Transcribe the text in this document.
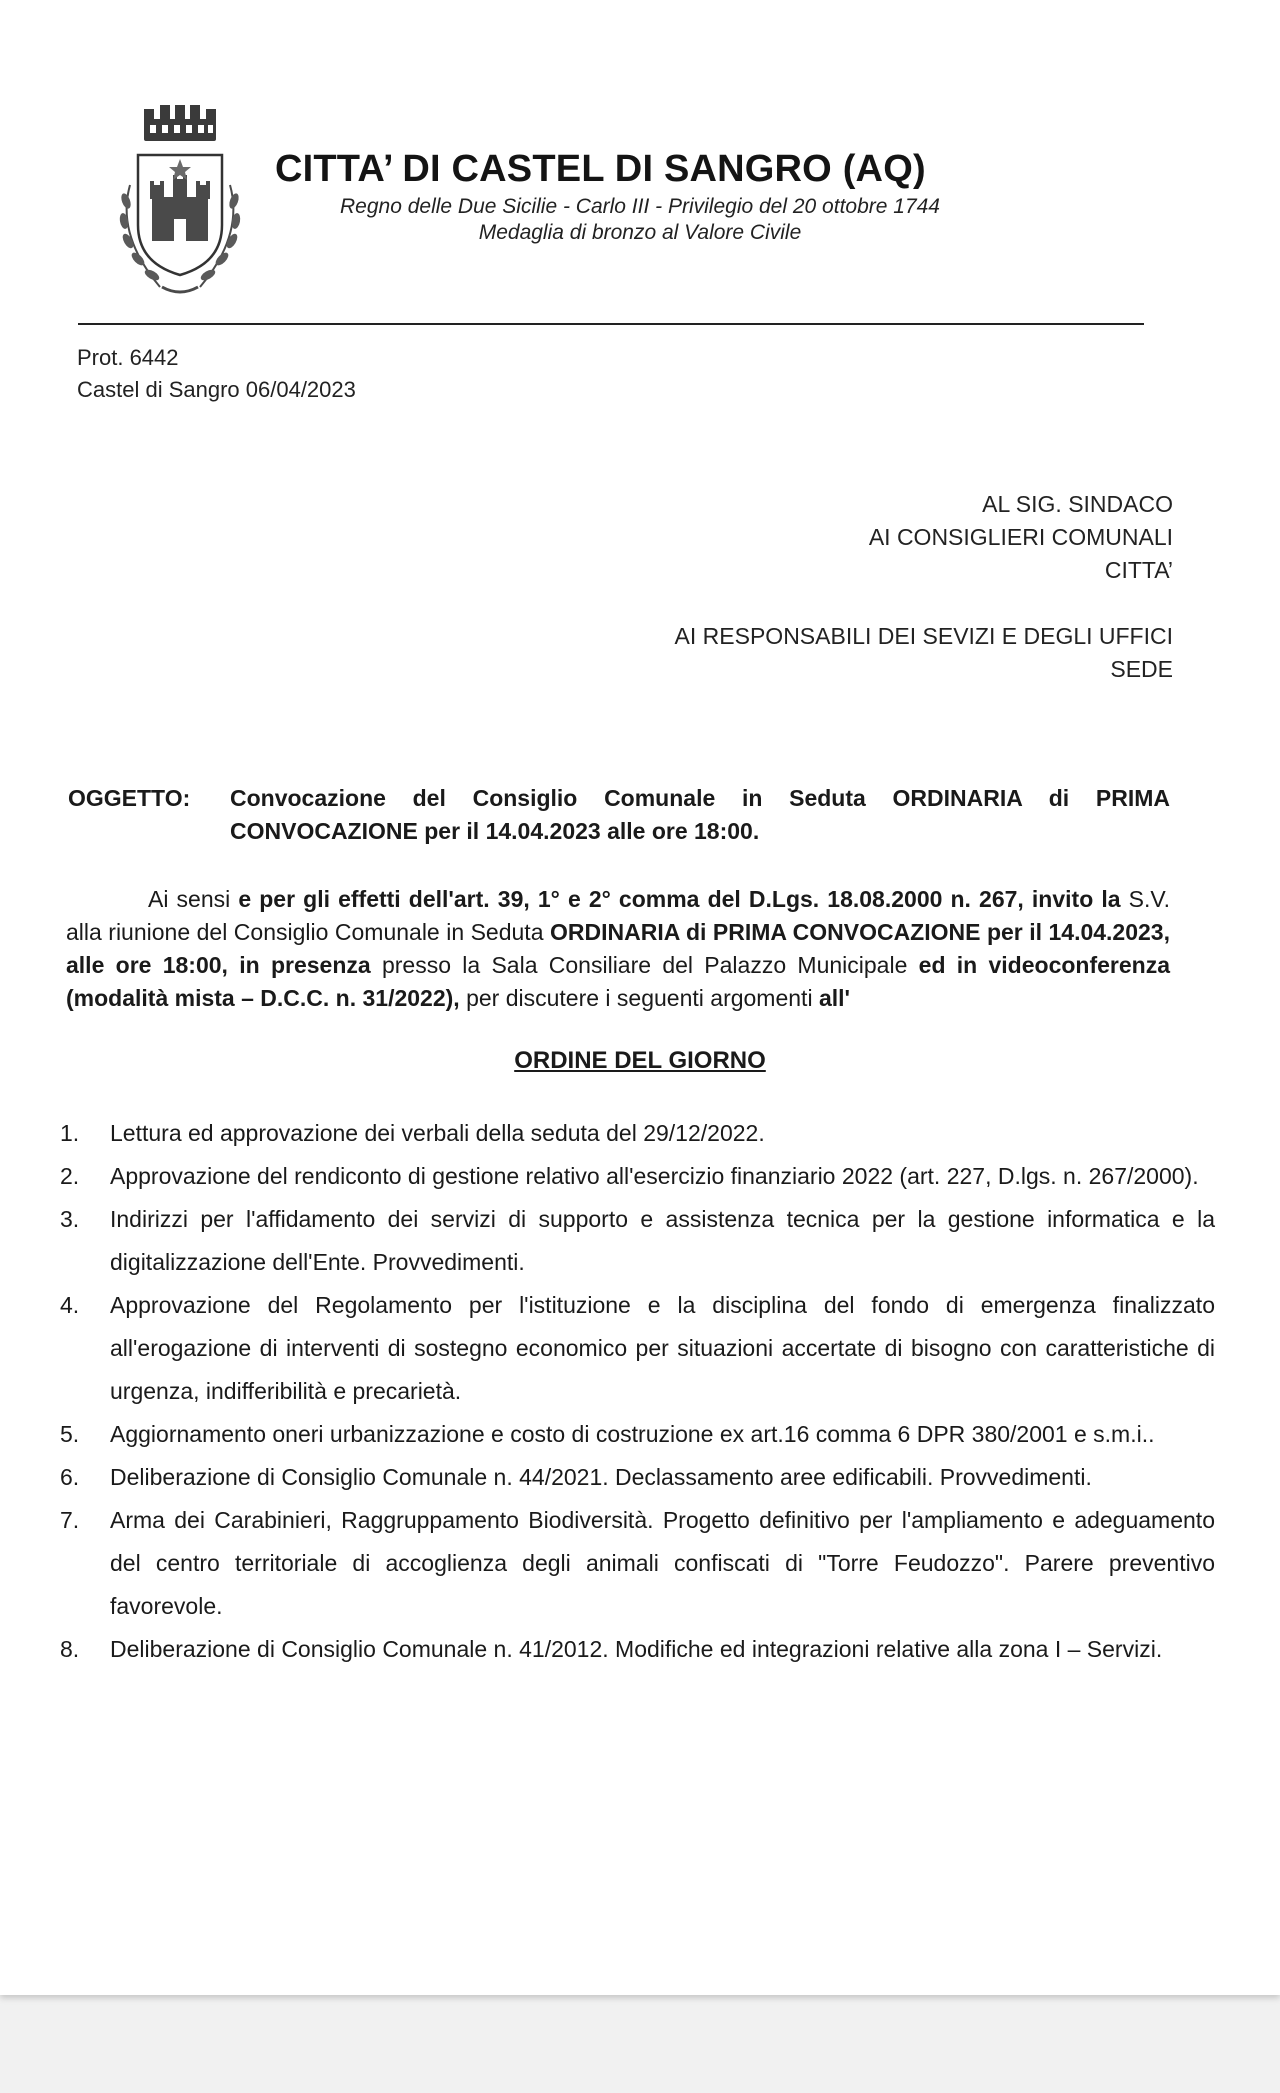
CITTA’ DI CASTEL DI SANGRO (AQ)
Regno delle Due Sicilie - Carlo III - Privilegio del 20 ottobre 1744
Medaglia di bronzo al Valore Civile
Prot. 6442
Castel di Sangro 06/04/2023
AL SIG. SINDACO
AI CONSIGLIERI COMUNALI
CITTA’
AI RESPONSABILI DEI SEVIZI E DEGLI UFFICI
SEDE
OGGETTO: Convocazione del Consiglio Comunale in Seduta ORDINARIA di PRIMA CONVOCAZIONE per il 14.04.2023 alle ore 18:00.
Ai sensi e per gli effetti dell'art. 39, 1° e 2° comma del D.Lgs. 18.08.2000 n. 267, invito la S.V. alla riunione del Consiglio Comunale in Seduta ORDINARIA di PRIMA CONVOCAZIONE per il 14.04.2023, alle ore 18:00, in presenza presso la Sala Consiliare del Palazzo Municipale ed in videoconferenza (modalità mista – D.C.C. n. 31/2022), per discutere i seguenti argomenti all'
ORDINE DEL GIORNO
1.	Lettura ed approvazione dei verbali della seduta del 29/12/2022.
2.	Approvazione del rendiconto di gestione relativo all'esercizio finanziario 2022 (art. 227, D.lgs. n. 267/2000).
3.	Indirizzi per l'affidamento dei servizi di supporto e assistenza tecnica per la gestione informatica e la digitalizzazione dell'Ente. Provvedimenti.
4.	Approvazione del Regolamento per l'istituzione e la disciplina del fondo di emergenza finalizzato all'erogazione di interventi di sostegno economico per situazioni accertate di bisogno con caratteristiche di urgenza, indifferibilità e precarietà.
5.	Aggiornamento oneri urbanizzazione e costo di costruzione ex art.16 comma 6 DPR 380/2001 e s.m.i..
6.	Deliberazione di Consiglio Comunale n. 44/2021. Declassamento aree edificabili. Provvedimenti.
7.	Arma dei Carabinieri, Raggruppamento Biodiversità. Progetto definitivo per l'ampliamento e adeguamento del centro territoriale di accoglienza degli animali confiscati di "Torre Feudozzo". Parere preventivo favorevole.
8.	Deliberazione di Consiglio Comunale n. 41/2012. Modifiche ed integrazioni relative alla zona I – Servizi.
